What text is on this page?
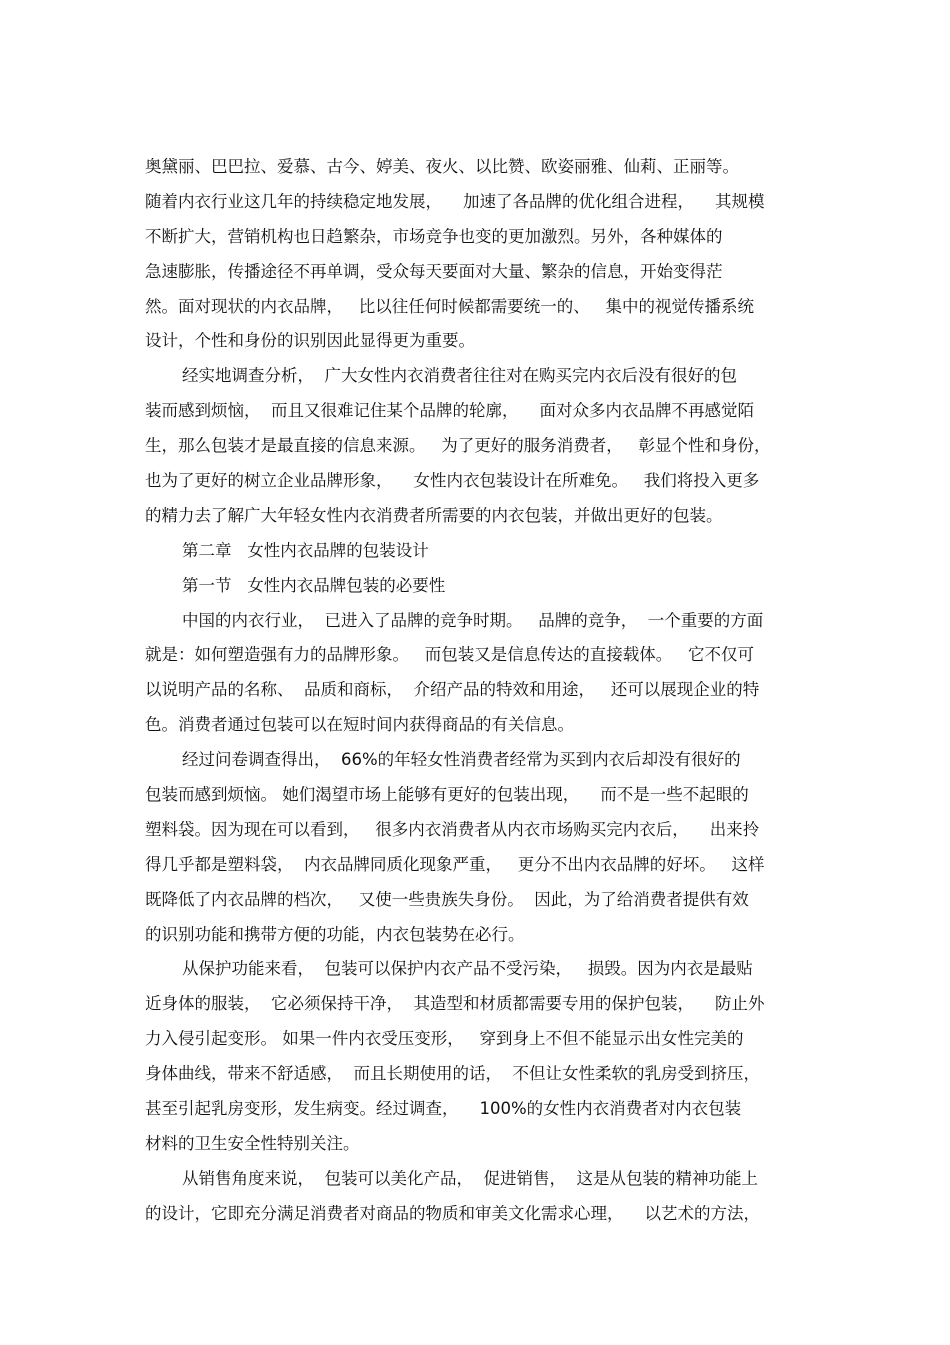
奥黛丽、巴巴拉、爱慕、古今、婷美、夜火、以比赞、欧姿丽雅、仙莉、正丽等。
随着内衣行业这几年的持续稳定地发展，    加速了各品牌的优化组合进程，    其规模
不断扩大，营销机构也日趋繁杂，市场竞争也变的更加激烈。另外，各种媒体的
急速膨胀，传播途径不再单调，受众每天要面对大量、繁杂的信息，开始变得茫
然。面对现状的内衣品牌，   比以往任何时候都需要统一的、   集中的视觉传播系统
设计，个性和身份的识别因此显得更为重要。
经实地调查分析，  广大女性内衣消费者往往对在购买完内衣后没有很好的包
装而感到烦恼，  而且又很难记住某个品牌的轮廓，    面对众多内衣品牌不再感觉陌
生，那么包装才是最直接的信息来源。   为了更好的服务消费者，   彰显个性和身份，
也为了更好的树立企业品牌形象，    女性内衣包装设计在所难免。   我们将投入更多
的精力去了解广大年轻女性内衣消费者所需要的内衣包装，并做出更好的包装。
第二章   女性内衣品牌的包装设计
第一节   女性内衣品牌包装的必要性
中国的内衣行业，  已进入了品牌的竞争时期。   品牌的竞争，  一个重要的方面
就是：如何塑造强有力的品牌形象。   而包装又是信息传达的直接载体。   它不仅可
以说明产品的名称、  品质和商标，  介绍产品的特效和用途，   还可以展现企业的特
色。消费者通过包装可以在短时间内获得商品的有关信息。
经过问卷调查得出，  66%的年轻女性消费者经常为买到内衣后却没有很好的
包装而感到烦恼。 她们渴望市场上能够有更好的包装出现，    而不是一些不起眼的
塑料袋。因为现在可以看到，   很多内衣消费者从内衣市场购买完内衣后，    出来拎
得几乎都是塑料袋，  内衣品牌同质化现象严重，   更分不出内衣品牌的好坏。   这样
既降低了内衣品牌的档次，   又使一些贵族失身份。  因此，为了给消费者提供有效
的识别功能和携带方便的功能，内衣包装势在必行。
从保护功能来看，  包装可以保护内衣产品不受污染，   损毁。因为内衣是最贴
近身体的服装，  它必须保持干净，  其造型和材质都需要专用的保护包装，    防止外
力入侵引起变形。 如果一件内衣受压变形，   穿到身上不但不能显示出女性完美的
身体曲线，带来不舒适感，  而且长期使用的话，  不但让女性柔软的乳房受到挤压，
甚至引起乳房变形，发生病变。经过调查，    100%的女性内衣消费者对内衣包装
材料的卫生安全性特别关注。
从销售角度来说，  包装可以美化产品，  促进销售，  这是从包装的精神功能上
的设计，它即充分满足消费者对商品的物质和审美文化需求心理，    以艺术的方法，
